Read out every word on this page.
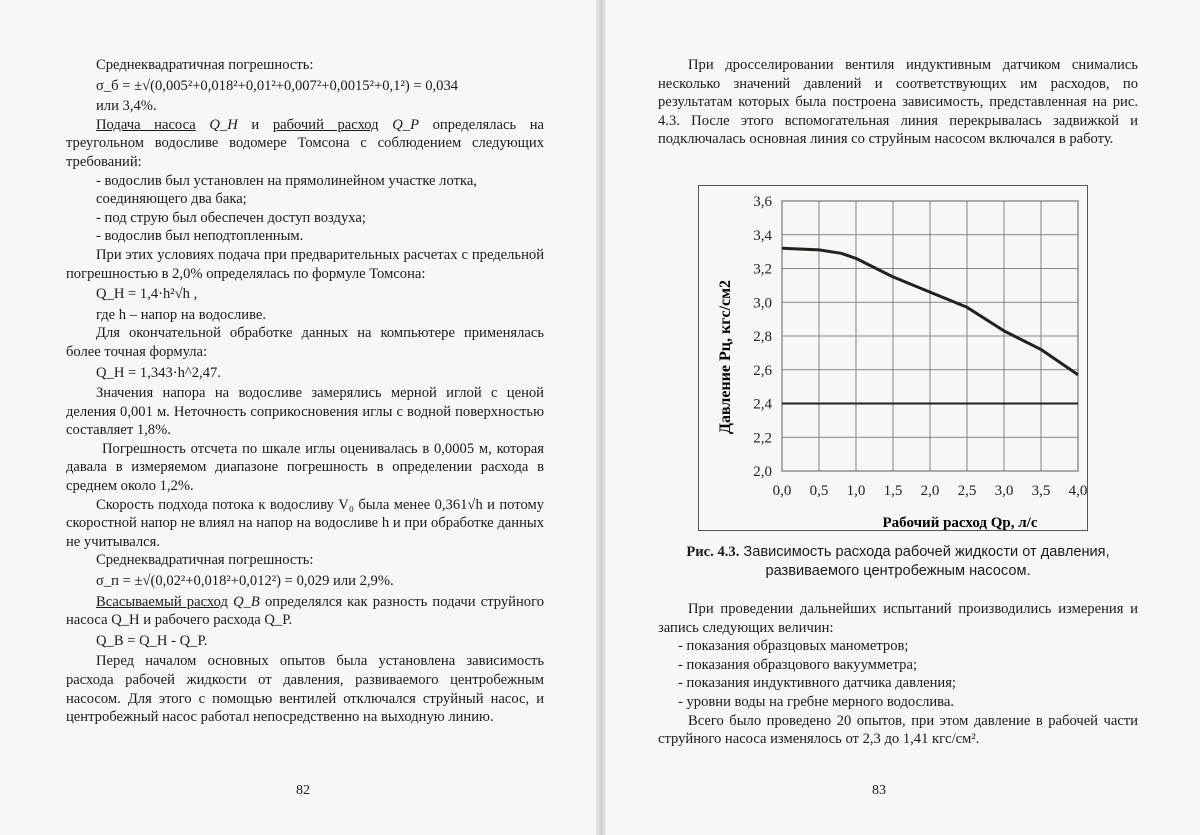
Среднеквадратичная погрешность:

σ_б = ±√(0,005²+0,018²+0,01²+0,007²+0,0015²+0,1²) = 0,034

или 3,4%.

Подача насоса Q_Н и рабочий расход Q_Р определялась на треугольном водосливе водомере Томсона с соблюдением следующих требований:

- водослив был установлен на прямолинейном участке лотка, соединяющего два бака;

- под струю был обеспечен доступ воздуха;

- водослив был неподтопленным.

При этих условиях подача при предварительных расчетах с предельной погрешностью в 2,0% определялась по формуле Томсона:

Q_Н = 1,4·h²√h ,

где h – напор на водосливе.

Для окончательной обработке данных на компьютере применялась более точная формула:

Q_Н = 1,343·h^2,47.

Значения напора на водосливе замерялись мерной иглой с ценой деления 0,001 м. Неточность соприкосновения иглы с водной поверхностью составляет 1,8%.

Погрешность отсчета по шкале иглы оценивалась в 0,0005 м, которая давала в измеряемом диапазоне погрешность в определении расхода в среднем около 1,2%.

Скорость подхода потока к водосливу V₀ была менее 0,361√h и потому скоростной напор не влиял на напор на водосливе h и при обработке данных не учитывался.

Среднеквадратичная погрешность:

σ_п = ±√(0,02²+0,018²+0,012²) = 0,029 или 2,9%.

Всасываемый расход Q_В определялся как разность подачи струйного насоса Q_Н и рабочего расхода Q_Р.

Q_В = Q_Н - Q_Р.

Перед началом основных опытов была установлена зависимость расхода рабочей жидкости от давления, развиваемого центробежным насосом. Для этого с помощью вентилей отключался струйный насос, и центробежный насос работал непосредственно на выходную линию.

82

При дросселировании вентиля индуктивным датчиком снимались несколько значений давлений и соответствующих им расходов, по результатам которых была построена зависимость, представленная на рис. 4.3. После этого вспомогательная линия перекрывалась задвижкой и подключалась основная линия со струйным насосом включался в работу.

0,0 0,5 1,0 1,5 2,0 2,5 3,0 3,5 4,0
2,0
2,2
2,4
2,6
2,8
3,0
3,2
3,4
3,6
Давление Рц, кгс/см2
Рабочий расход Qр, л/с
Рис. 4.3. Зависимость расхода рабочей жидкости от давления, развиваемого центробежным насосом.

При проведении дальнейших испытаний производились измерения и запись следующих величин:

- показания образцовых манометров;

- показания образцового вакуумметра;

- показания индуктивного датчика давления;

- уровни воды на гребне мерного водослива.

Всего было проведено 20 опытов, при этом давление в рабочей части струйного насоса изменялось от 2,3 до 1,41 кгс/см².

83
